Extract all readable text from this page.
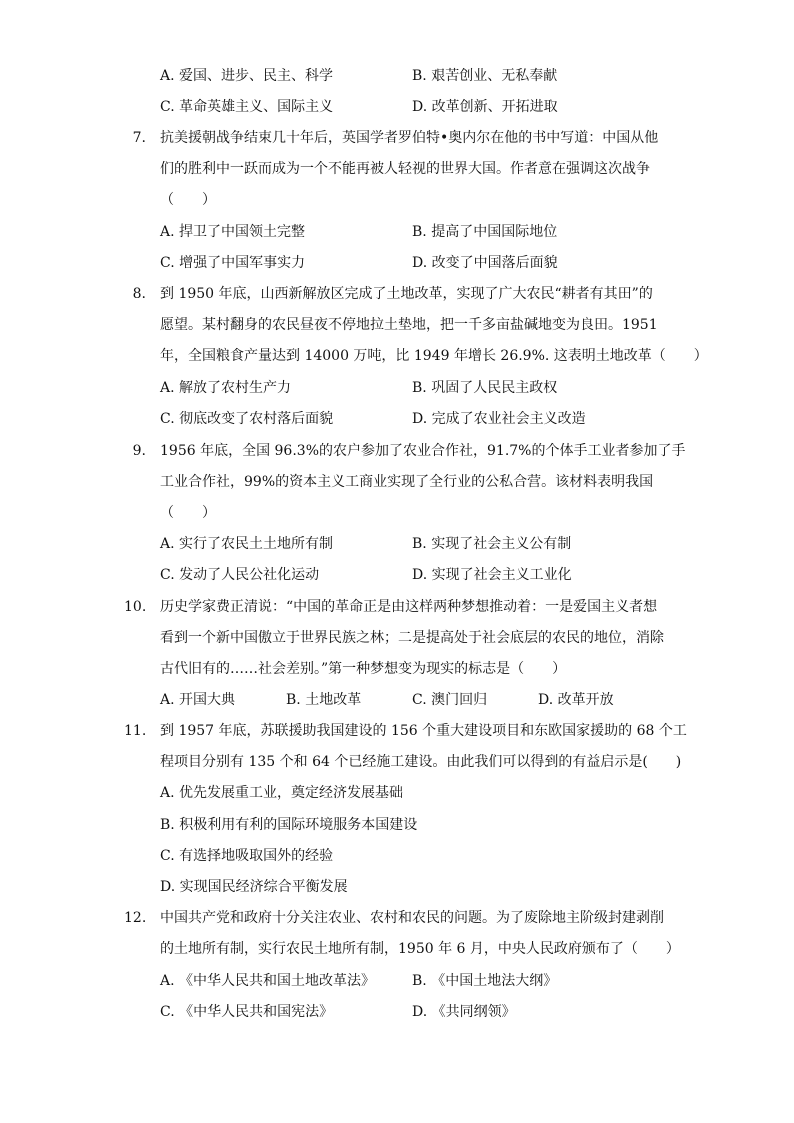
A. 爱国、进步、民主、科学	B. 艰苦创业、无私奉献
C. 革命英雄主义、国际主义	D. 改革创新、开拓进取
7. 抗美援朝战争结束几十年后，英国学者罗伯特•奥内尔在他的书中写道：中国从他
们的胜利中一跃而成为一个不能再被人轻视的世界大国。作者意在强调这次战争
（　　）
A. 捍卫了中国领土完整	B. 提高了中国国际地位
C. 增强了中国军事实力	D. 改变了中国落后面貌
8. 到 1950 年底，山西新解放区完成了土地改革，实现了广大农民“耕者有其田”的
愿望。某村翻身的农民昼夜不停地拉土垫地，把一千多亩盐碱地变为良田。1951
年，全国粮食产量达到 14000 万吨，比 1949 年增长 26.9%. 这表明土地改革（　　）
A. 解放了农村生产力	B. 巩固了人民民主政权
C. 彻底改变了农村落后面貌	D. 完成了农业社会主义改造
9. 1956 年底，全国 96.3%的农户参加了农业合作社，91.7%的个体手工业者参加了手
工业合作社，99%的资本主义工商业实现了全行业的公私合营。该材料表明我国
（　　）
A. 实行了农民土土地所有制	B. 实现了社会主义公有制
C. 发动了人民公社化运动	D. 实现了社会主义工业化
10. 历史学家费正清说：“中国的革命正是由这样两种梦想推动着：一是爱国主义者想
看到一个新中国傲立于世界民族之林；二是提高处于社会底层的农民的地位，消除
古代旧有的……社会差别。”第一种梦想变为现实的标志是（　　）
A. 开国大典	B. 土地改革	C. 澳门回归	D. 改革开放
11. 到 1957 年底，苏联援助我国建设的 156 个重大建设项目和东欧国家援助的 68 个工
程项目分别有 135 个和 64 个已经施工建设。由此我们可以得到的有益启示是(　　)
A. 优先发展重工业，奠定经济发展基础
B. 积极利用有利的国际环境服务本国建设
C. 有选择地吸取国外的经验
D. 实现国民经济综合平衡发展
12. 中国共产党和政府十分关注农业、农村和农民的问题。为了废除地主阶级封建剥削
的土地所有制，实行农民土地所有制，1950 年 6 月，中央人民政府颁布了（　　）
A. 《中华人民共和国土地改革法》	B. 《中国土地法大纲》
C. 《中华人民共和国宪法》	D. 《共同纲领》
